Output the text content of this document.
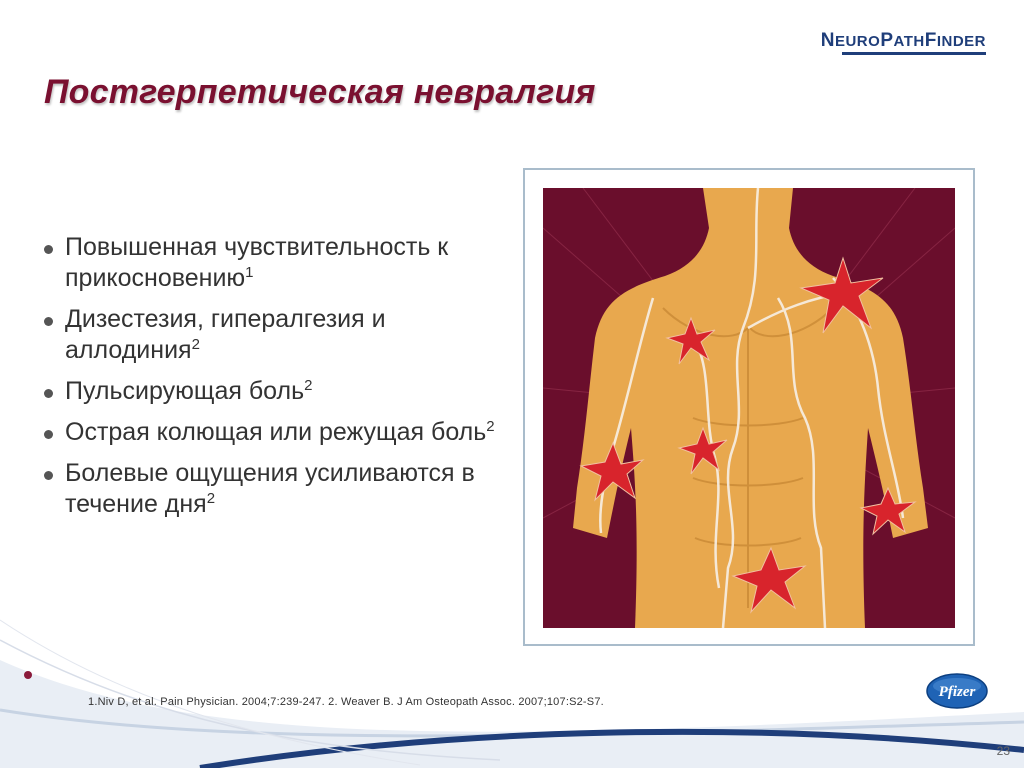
NEUROPATHFINDER
Постгерпетическая невралгия
Повышенная чувствительность к прикосновению$^1$
Дизестезия, гипералгезия и аллодиния$^2$
Пульсирующая боль$^2$
Острая колющая или режущая боль$^2$
Болевые ощущения усиливаются в течение дня$^2$
1.Niv D, et al. Pain Physician. 2004;7:239-247. 2. Weaver B. J Am Osteopath Assoc. 2007;107:S2-S7.
Pfizer
23
